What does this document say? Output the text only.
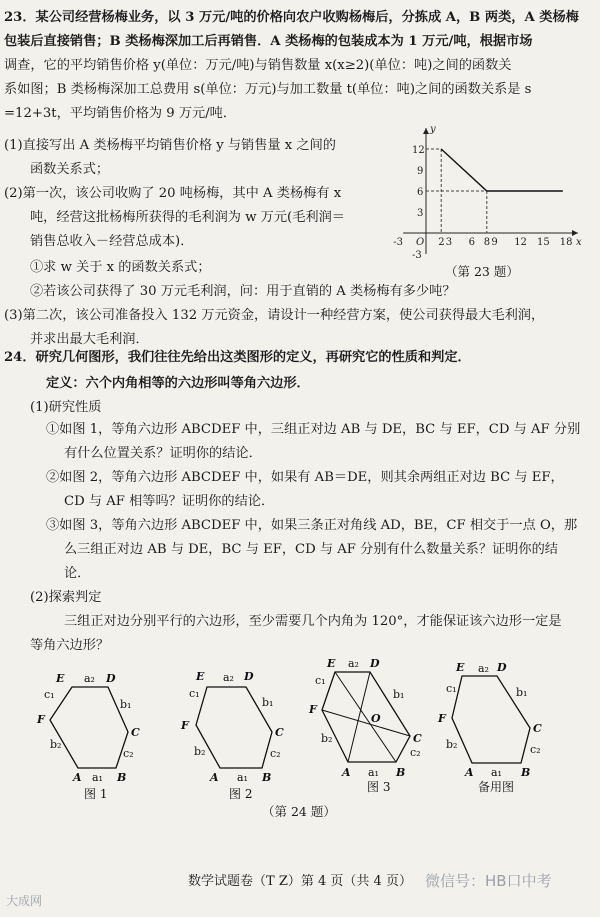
23．某公司经营杨梅业务，以 3 万元/吨的价格向农户收购杨梅后，分拣成 A，B 两类，A 类杨梅
包装后直接销售；B 类杨梅深加工后再销售．A 类杨梅的包装成本为 1 万元/吨，根据市场
调查，它的平均销售价格 y(单位：万元/吨)与销售数量 x(x≥2)(单位：吨)之间的函数关
系如图；B 类杨梅深加工总费用 s(单位：万元)与加工数量 t(单位：吨)之间的函数关系是 s
=12+3t，平均销售价格为 9 万元/吨．
(1)直接写出 A 类杨梅平均销售价格 y 与销售量 x 之间的
函数关系式；
(2)第一次，该公司收购了 20 吨杨梅，其中 A 类杨梅有 x
吨，经营这批杨梅所获得的毛利润为 w 万元(毛利润＝
销售总收入－经营总成本)．
①求 w 关于 x 的函数关系式；
②若该公司获得了 30 万元毛利润，问：用于直销的 A 类杨梅有多少吨？
(3)第二次，该公司准备投入 132 万元资金，请设计一种经营方案，使公司获得最大毛利润，
并求出最大毛利润．
x
y
O
-3	2 3 6 8 9 12 15 18
12
9
6
3
-3
（第 23 题）
24．研究几何图形，我们往往先给出这类图形的定义，再研究它的性质和判定．
定义：六个内角相等的六边形叫等角六边形．
(1)研究性质
①如图 1，等角六边形 ABCDEF 中，三组正对边 AB 与 DE，BC 与 EF，CD 与 AF 分别
有什么位置关系？证明你的结论．
②如图 2，等角六边形 ABCDEF 中，如果有 AB＝DE，则其余两组正对边 BC 与 EF，
CD 与 AF 相等吗？证明你的结论．
③如图 3，等角六边形 ABCDEF 中，如果三条正对角线 AD，BE，CF 相交于一点 O，那
么三组正对边 AB 与 DE，BC 与 EF，CD 与 AF 分别有什么数量关系？证明你的结
论．
(2)探索判定
三组正对边分别平行的六边形，至少需要几个内角为 120°，才能保证该六边形一定是
等角六边形？
E	D
C
B
A
F
a₂
b₁
c₂
a₁
b₂
c₁
图 1
E	D
C
B
A
F
a₂
b₁
c₂
a₁
b₂
c₁
图 2
E	D
C
B
A
F
O
a₂
b₁
c₂
a₁
b₂
c₁
图 3
E	D
C
B
A
F
a₂
b₁
c₂
a₁
b₂
c₁
备用图
（第 24 题）
数学试题卷（T Z）第 4 页（共 4 页）
大成网
微信号：HB口中考
